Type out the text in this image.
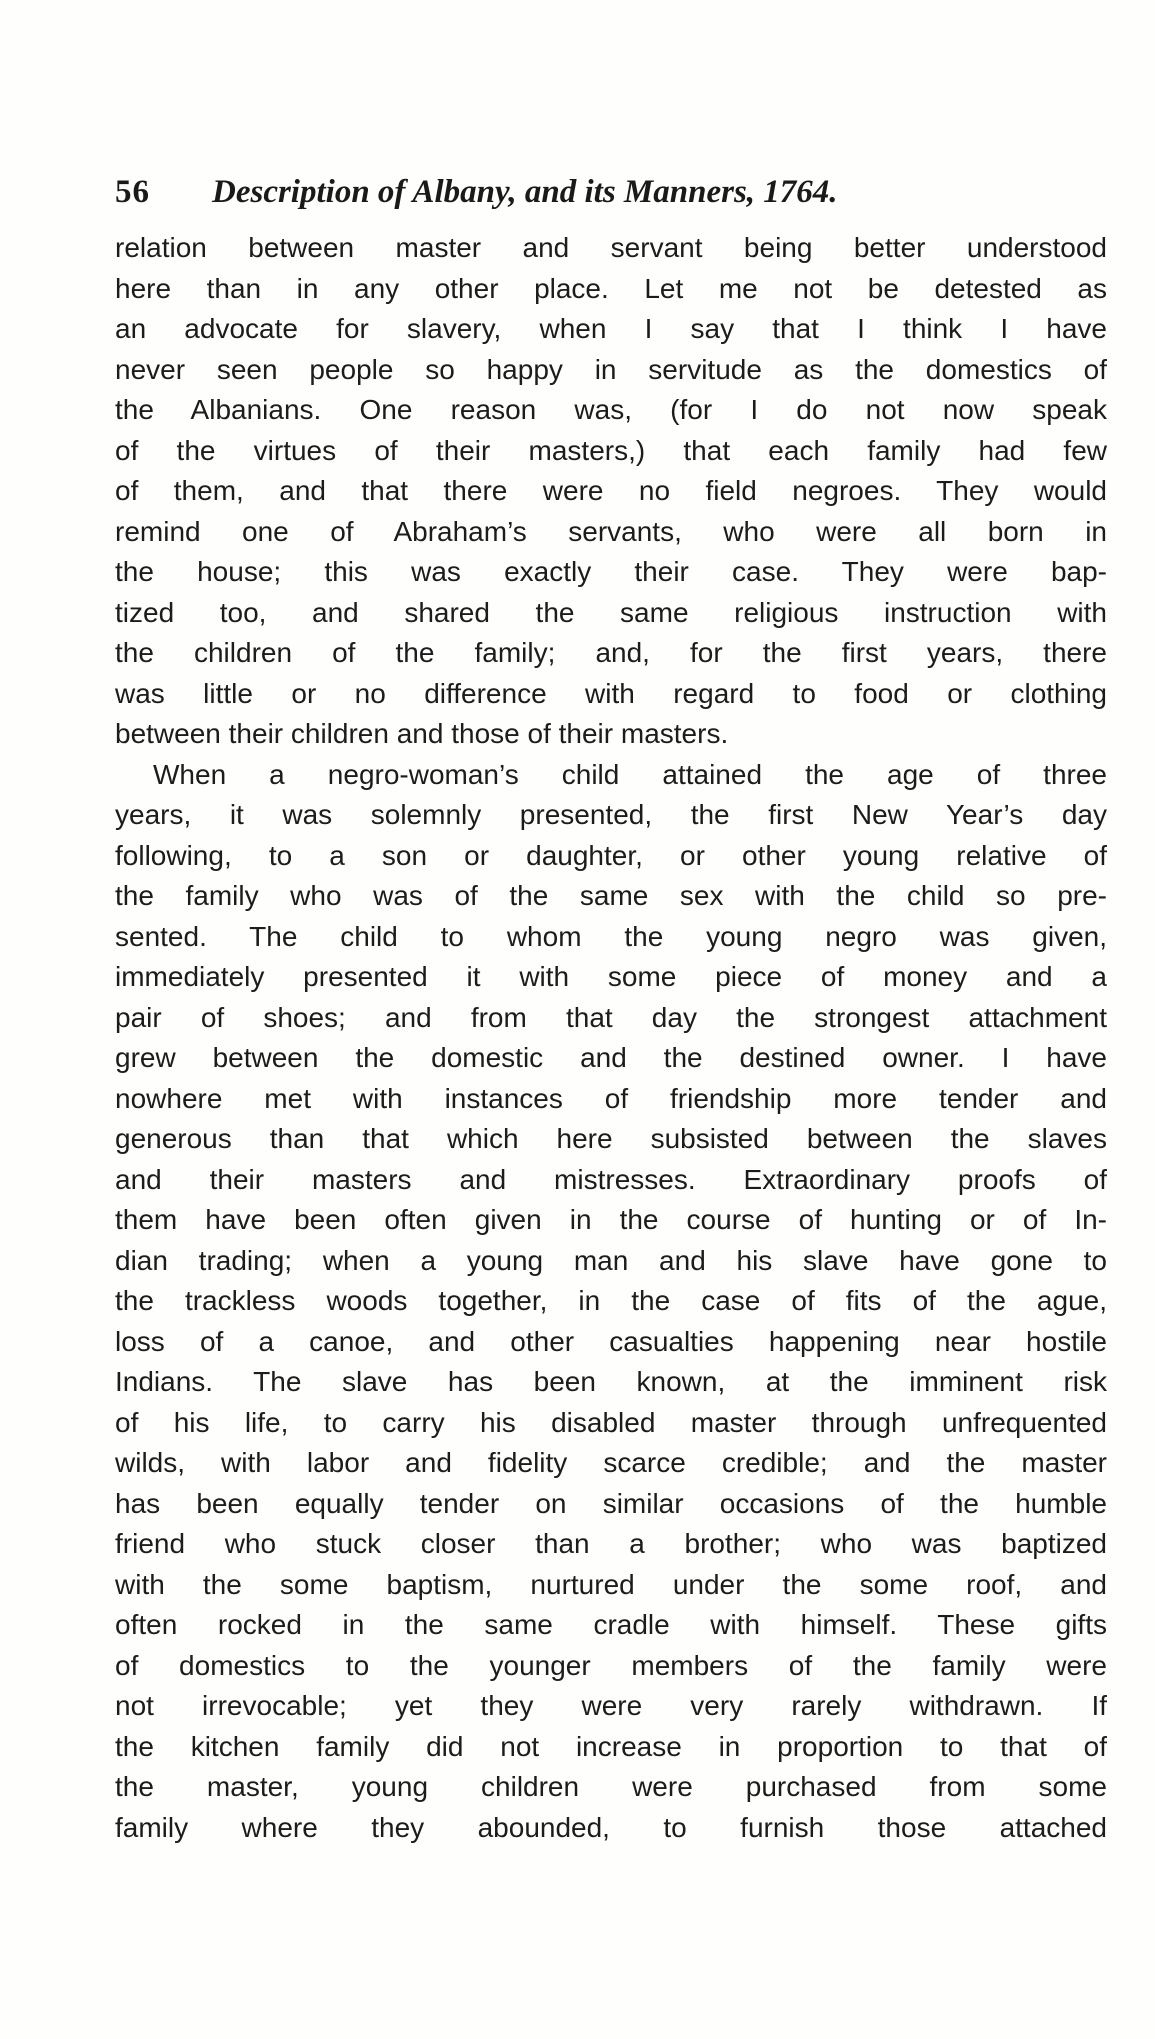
56 Description of Albany, and its Manners, 1764.
relation between master and servant being better understood
here than in any other place. Let me not be detested as
an advocate for slavery, when I say that I think I have
never seen people so happy in servitude as the domestics of
the Albanians. One reason was, (for I do not now speak
of the virtues of their masters,) that each family had few
of them, and that there were no field negroes. They would
remind one of Abraham’s servants, who were all born in
the house; this was exactly their case. They were bap-
tized too, and shared the same religious instruction with
the children of the family; and, for the first years, there
was little or no difference with regard to food or clothing
between their children and those of their masters.
When a negro-woman’s child attained the age of three
years, it was solemnly presented, the first New Year’s day
following, to a son or daughter, or other young relative of
the family who was of the same sex with the child so pre-
sented. The child to whom the young negro was given,
immediately presented it with some piece of money and a
pair of shoes; and from that day the strongest attachment
grew between the domestic and the destined owner. I have
nowhere met with instances of friendship more tender and
generous than that which here subsisted between the slaves
and their masters and mistresses. Extraordinary proofs of
them have been often given in the course of hunting or of In-
dian trading; when a young man and his slave have gone to
the trackless woods together, in the case of fits of the ague,
loss of a canoe, and other casualties happening near hostile
Indians. The slave has been known, at the imminent risk
of his life, to carry his disabled master through unfrequented
wilds, with labor and fidelity scarce credible; and the master
has been equally tender on similar occasions of the humble
friend who stuck closer than a brother; who was baptized
with the some baptism, nurtured under the some roof, and
often rocked in the same cradle with himself. These gifts
of domestics to the younger members of the family were
not irrevocable; yet they were very rarely withdrawn. If
the kitchen family did not increase in proportion to that of
the master, young children were purchased from some
family where they abounded, to furnish those attached
